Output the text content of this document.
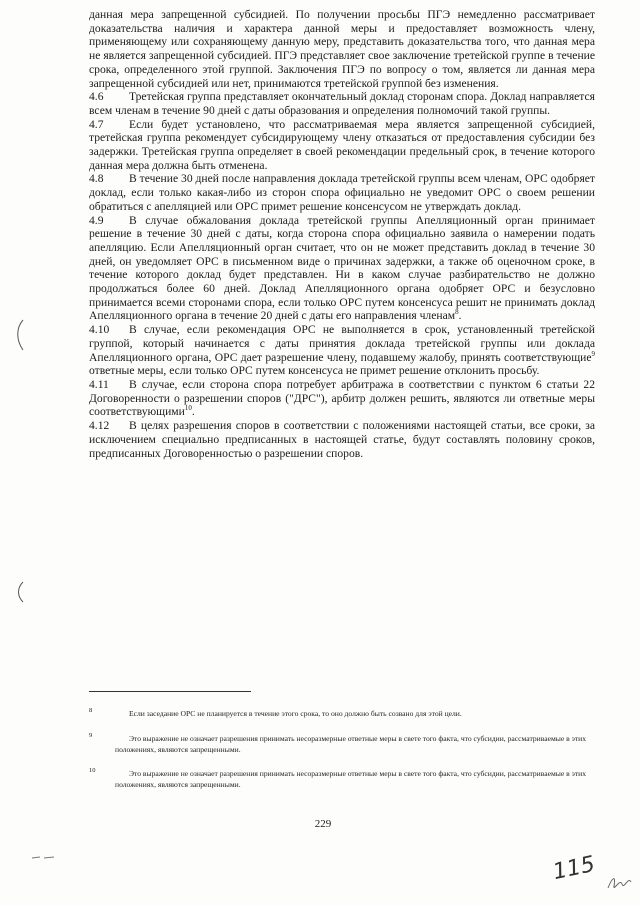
данная мера запрещенной субсидией. По получении просьбы ПГЭ немедленно рассматривает доказательства наличия и характера данной меры и предоставляет возможность члену, применяющему или сохраняющему данную меру, представить доказательства того, что данная мера не является запрещенной субсидией. ПГЭ представляет свое заключение третейской группе в течение срока, определенного этой группой. Заключения ПГЭ по вопросу о том, является ли данная мера запрещенной субсидией или нет, принимаются третейской группой без изменения.

4.6 Третейская группа представляет окончательный доклад сторонам спора. Доклад направляется всем членам в течение 90 дней с даты образования и определения полномочий такой группы.

4.7 Если будет установлено, что рассматриваемая мера является запрещенной субсидией, третейская группа рекомендует субсидирующему члену отказаться от предоставления субсидии без задержки. Третейская группа определяет в своей рекомендации предельный срок, в течение которого данная мера должна быть отменена.

4.8 В течение 30 дней после направления доклада третейской группы всем членам, ОРС одобряет доклад, если только какая-либо из сторон спора официально не уведомит ОРС о своем решении обратиться с апелляцией или ОРС примет решение консенсусом не утверждать доклад.

4.9 В случае обжалования доклада третейской группы Апелляционный орган принимает решение в течение 30 дней с даты, когда сторона спора официально заявила о намерении подать апелляцию. Если Апелляционный орган считает, что он не может представить доклад в течение 30 дней, он уведомляет ОРС в письменном виде о причинах задержки, а также об оценочном сроке, в течение которого доклад будет представлен. Ни в каком случае разбирательство не должно продолжаться более 60 дней. Доклад Апелляционного органа одобряет ОРС и безусловно принимается всеми сторонами спора, если только ОРС путем консенсуса решит не принимать доклад Апелляционного органа в течение 20 дней с даты его направления членам$^8$.

4.10 В случае, если рекомендация ОРС не выполняется в срок, установленный третейской группой, который начинается с даты принятия доклада третейской группы или доклада Апелляционного органа, ОРС дает разрешение члену, подавшему жалобу, принять соответствующие$^9$ ответные меры, если только ОРС путем консенсуса не примет решение отклонить просьбу.

4.11 В случае, если сторона спора потребует арбитража в соответствии с пунктом 6 статьи 22 Договоренности о разрешении споров ("ДРС"), арбитр должен решить, являются ли ответные меры соответствующими$^{10}$.

4.12 В целях разрешения споров в соответствии с положениями настоящей статьи, все сроки, за исключением специально предписанных в настоящей статье, будут составлять половину сроков, предписанных Договоренностью о разрешении споров.

8	Если заседание ОРС не планируется в течение этого срока, то оно должно быть созвано для этой цели.
9	Это выражение не означает разрешения принимать несоразмерные ответные меры в свете того факта, что субсидии, рассматриваемые в этих положениях, являются запрещенными.
10	Это выражение не означает разрешения принимать несоразмерные ответные меры в свете того факта, что субсидии, рассматриваемые в этих положениях, являются запрещенными.
229
115
